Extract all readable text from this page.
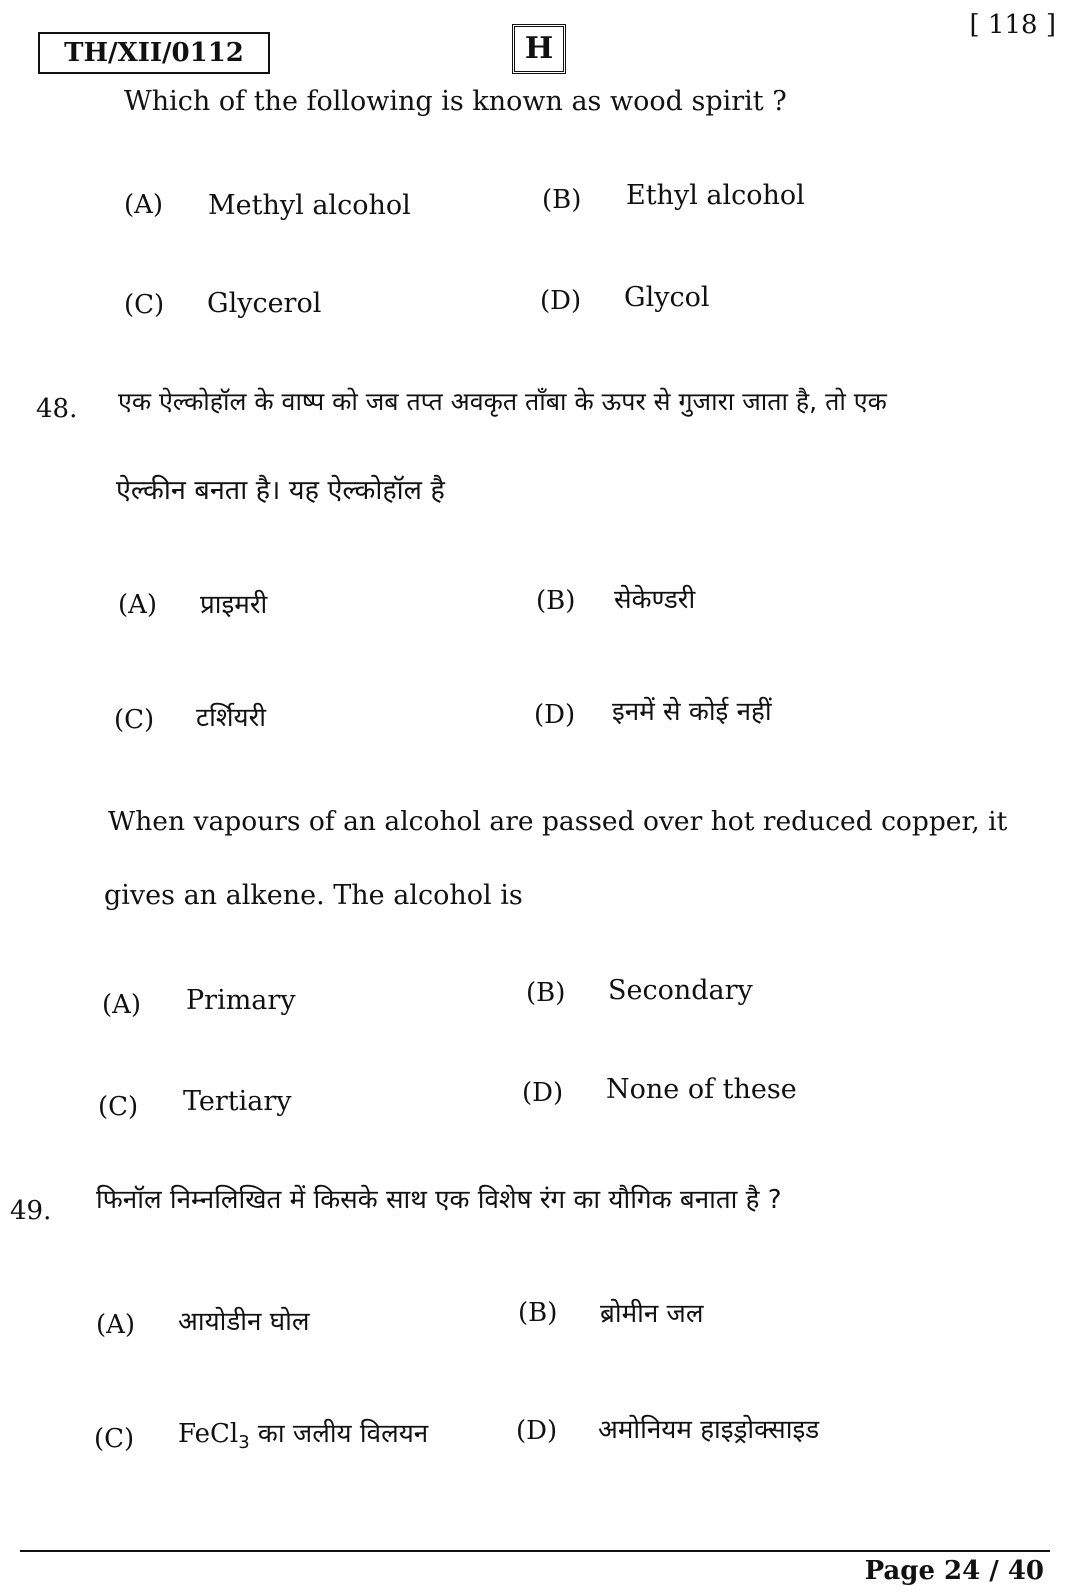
TH/XII/0112	H
[ 118 ]
Which of the following is known as wood spirit ?
(A) Methyl alcohol	(B) Ethyl alcohol
(C) Glycerol	(D) Glycol
48. एक ऐल्कोहॉल के वाष्प को जब तप्त अवकृत ताँबा के ऊपर से गुजारा जाता है, तो एक
ऐल्कीन बनता है। यह ऐल्कोहॉल है
(A) प्राइमरी	(B) सेकेण्डरी
(C) टर्शियरी	(D) इनमें से कोई नहीं
When vapours of an alcohol are passed over hot reduced copper, it
gives an alkene. The alcohol is
(A) Primary	(B) Secondary
(C) Tertiary	(D) None of these
49. फिनॉल निम्नलिखित में किसके साथ एक विशेष रंग का यौगिक बनाता है ?
(A) आयोडीन घोल	(B) ब्रोमीन जल
(C) FeCl$_3$ का जलीय विलयन	(D) अमोनियम हाइड्रोक्साइड
Page 24 / 40
